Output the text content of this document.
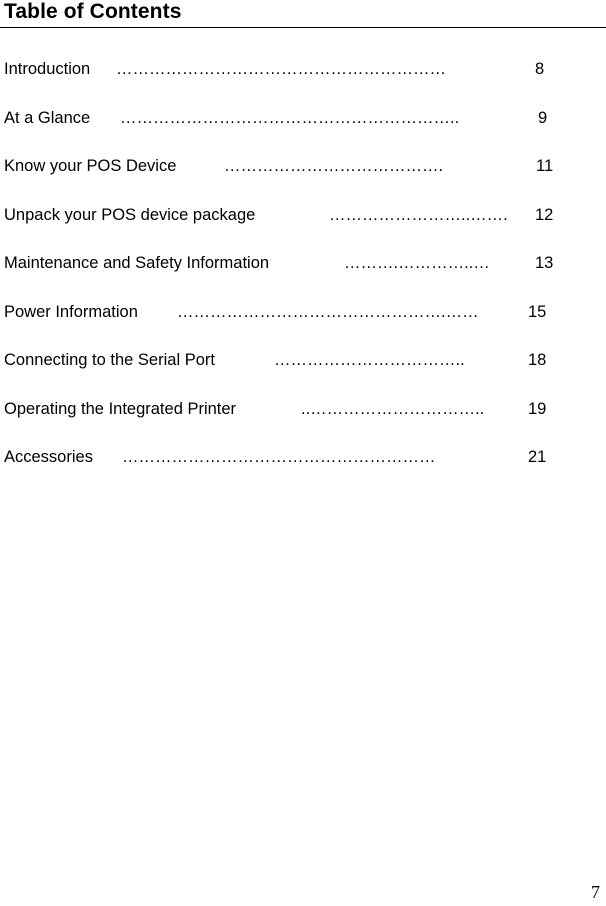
Table of Contents
Introduction ……………………………………………………	8
At a Glance ……………………………………………………..	9
Know your POS Device	………………………………….	11
Unpack your POS device package	……………………..……. 12
Maintenance and Safety Information	……….…………..…	13
Power Information ………………………………………….……	15
Connecting to the Serial Port	……………………………..	18
Operating the Integrated Printer	..…………………………..	19
Accessories …………………………………………………	21
7
